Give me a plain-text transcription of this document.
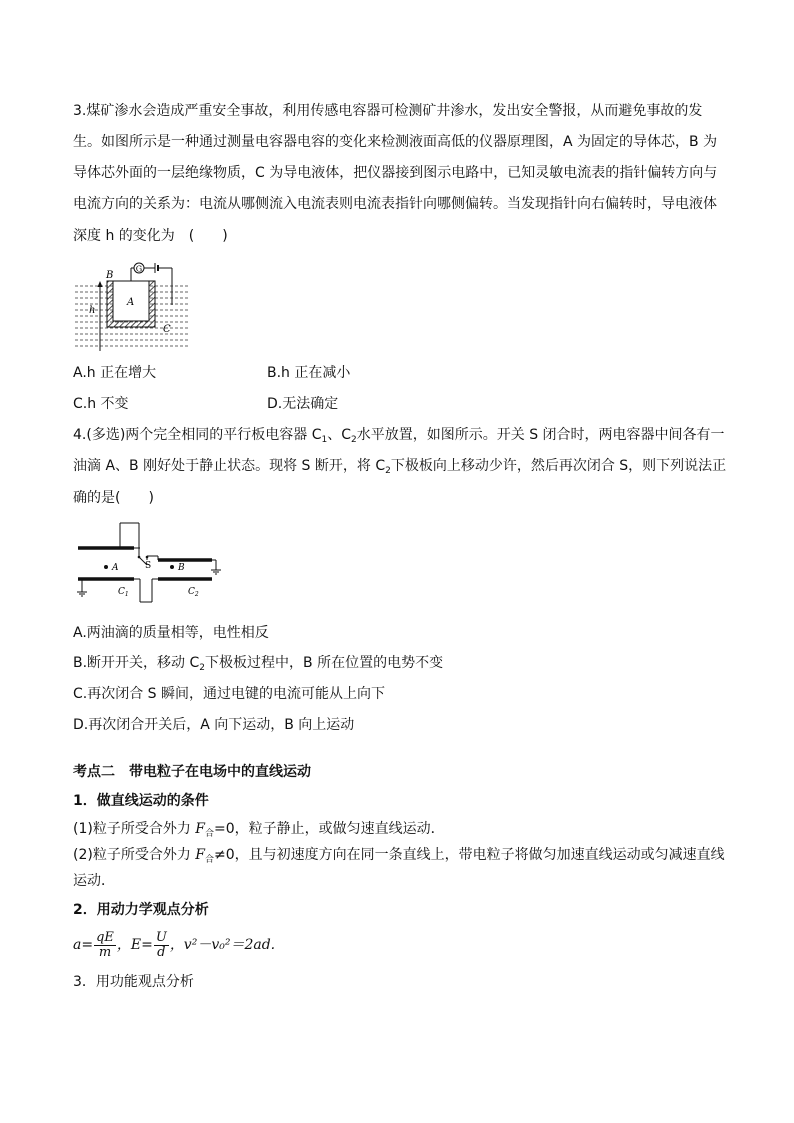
3.煤矿渗水会造成严重安全事故，利用传感电容器可检测矿井渗水，发出安全警报，从而避免事故的发
生。如图所示是一种通过测量电容器电容的变化来检测液面高低的仪器原理图，A 为固定的导体芯，B 为
导体芯外面的一层绝缘物质，C 为导电液体，把仪器接到图示电路中，已知灵敏电流表的指针偏转方向与
电流方向的关系为：电流从哪侧流入电流表则电流表指针向哪侧偏转。当发现指针向右偏转时，导电液体
深度 h 的变化为　(　　)
G
h
B
A
C
A.h 正在增大	B.h 正在减小
C.h 不变	D.无法确定
4.(多选)两个完全相同的平行板电容器 $C_1$、$C_2$水平放置，如图所示。开关 S 闭合时，两电容器中间各有一
油滴 A、B 刚好处于静止状态。现将 S 断开，将 $C_2$下极板向上移动少许，然后再次闭合 S，则下列说法正
确的是(　　)
S
A	B
$C_1$	$C_2$
A.两油滴的质量相等，电性相反
B.断开开关，移动 $C_2$下极板过程中，B 所在位置的电势不变
C.再次闭合 S 瞬间，通过电键的电流可能从上向下
D.再次闭合开关后，A 向下运动，B 向上运动
考点二　带电粒子在电场中的直线运动
1．做直线运动的条件
(1)粒子所受合外力 $F_合=0$，粒子静止，或做匀速直线运动．
(2)粒子所受合外力 $F_合\ne 0$，且与初速度方向在同一条直线上，带电粒子将做匀加速直线运动或匀减速直线
运动．
2．用动力学观点分析
$a= \frac{qE}{m}$ ，$E= \frac{U}{d}$ ，v²－v₀²＝2ad.
3．用功能观点分析
